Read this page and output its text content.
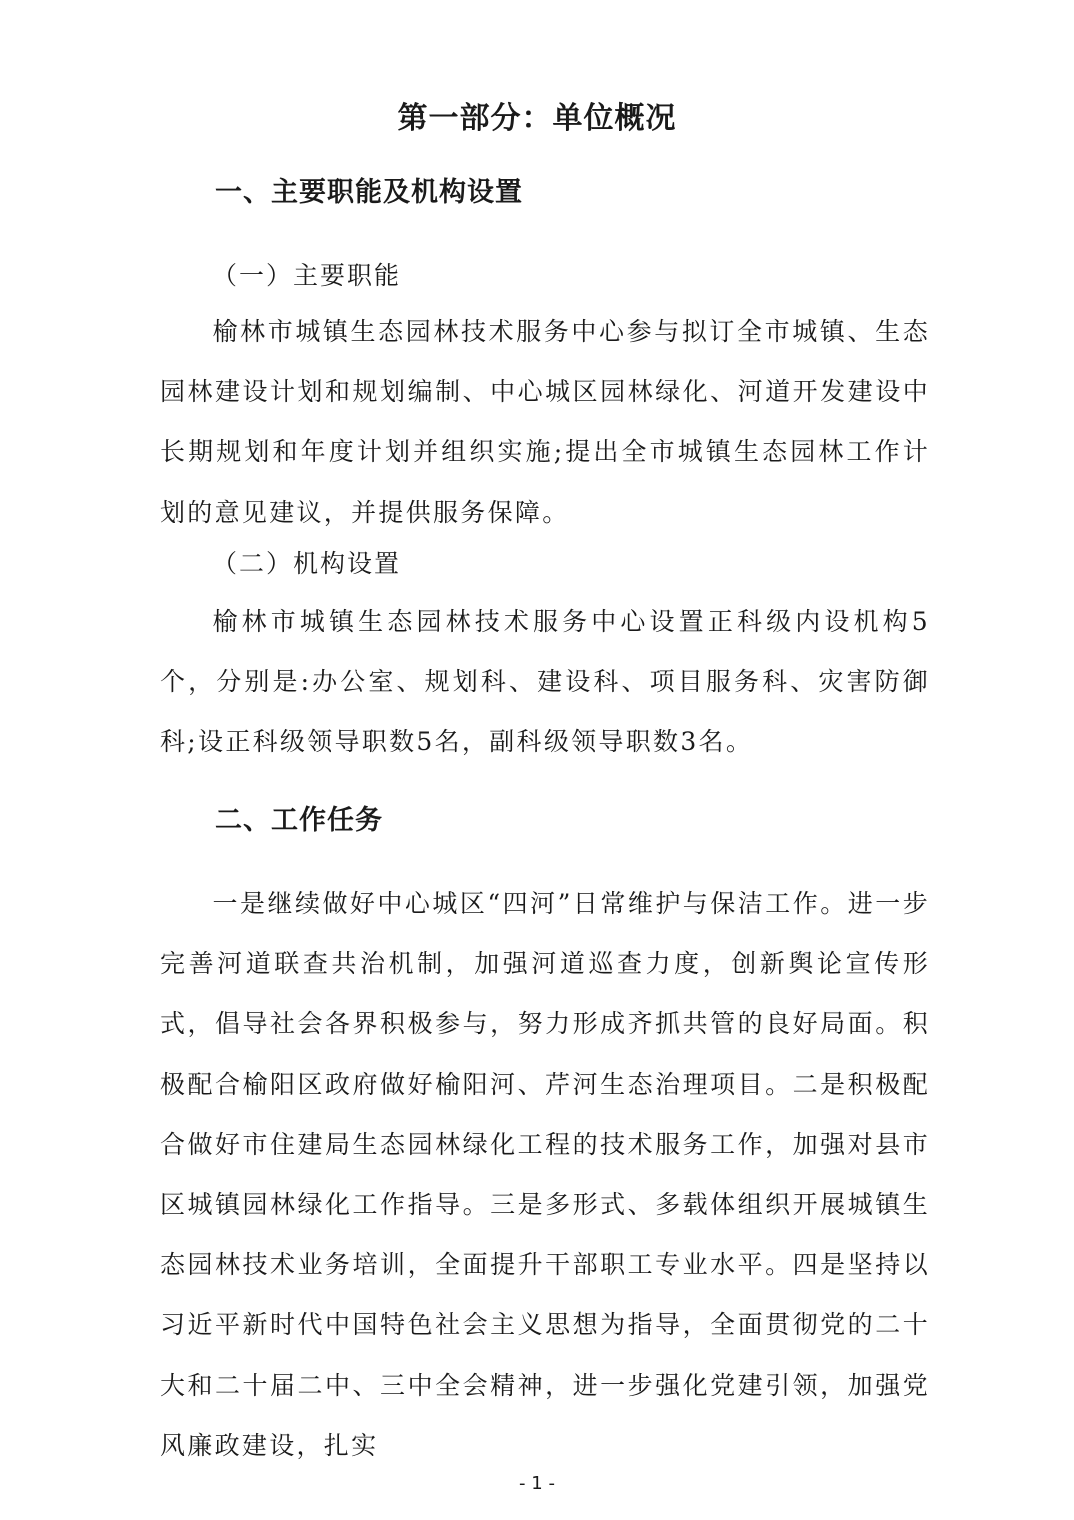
第一部分：单位概况
一、主要职能及机构设置
（一）主要职能

榆林市城镇生态园林技术服务中心参与拟订全市城镇、生态园林建设计划和规划编制、中心城区园林绿化、河道开发建设中长期规划和年度计划并组织实施;提出全市城镇生态园林工作计划的意见建议，并提供服务保障。

（二）机构设置

榆林市城镇生态园林技术服务中心设置正科级内设机构5个，分别是:办公室、规划科、建设科、项目服务科、灾害防御科;设正科级领导职数5名，副科级领导职数3名。

二、工作任务

一是继续做好中心城区“四河”日常维护与保洁工作。进一步完善河道联查共治机制，加强河道巡查力度，创新舆论宣传形式，倡导社会各界积极参与，努力形成齐抓共管的良好局面。积极配合榆阳区政府做好榆阳河、芹河生态治理项目。二是积极配合做好市住建局生态园林绿化工程的技术服务工作，加强对县市区城镇园林绿化工作指导。三是多形式、多载体组织开展城镇生态园林技术业务培训，全面提升干部职工专业水平。四是坚持以习近平新时代中国特色社会主义思想为指导，全面贯彻党的二十大和二十届二中、三中全会精神，进一步强化党建引领，加强党风廉政建设，扎实

- 1 -
